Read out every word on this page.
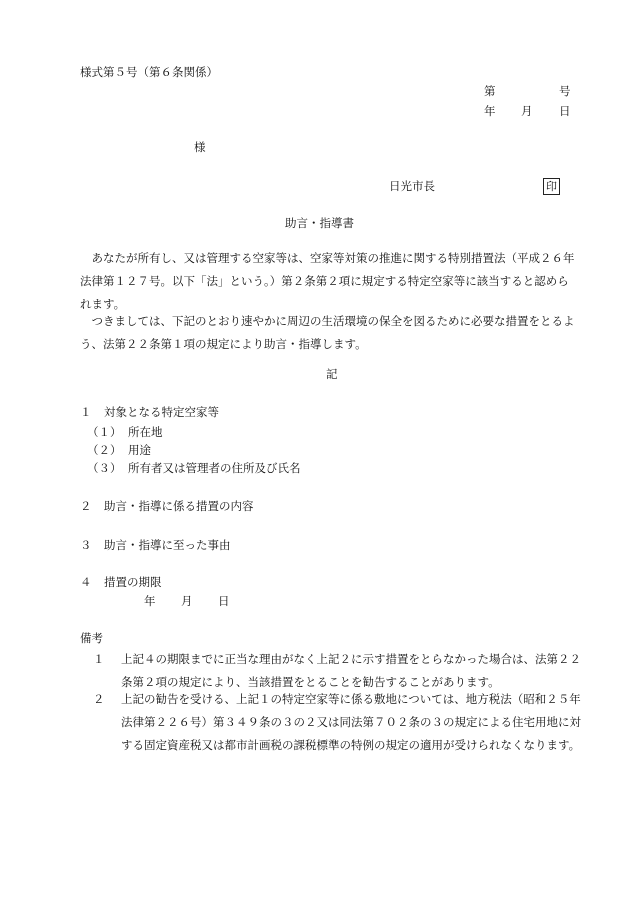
様式第５号（第６条関係）
第	号
年 月 日
様
日光市長	印
助言・指導書
　あなたが所有し、又は管理する空家等は、空家等対策の推進に関する特別措置法（平成２６年法律第１２７号。以下「法」という。）第２条第２項に規定する特定空家等に該当すると認められます。
　つきましては、下記のとおり速やかに周辺の生活環境の保全を図るために必要な措置をとるよう、法第２２条第１項の規定により助言・指導します。
記
１ 対象となる特定空家等
（１） 所在地
（２） 用途
（３） 所有者又は管理者の住所及び氏名
２ 助言・指導に係る措置の内容
３ 助言・指導に至った事由
４ 措置の期限
年 月 日
備考
１	上記４の期限までに正当な理由がなく上記２に示す措置をとらなかった場合は、法第２２条第２項の規定により、当該措置をとることを勧告することがあります。
２	上記の勧告を受ける、上記１の特定空家等に係る敷地については、地方税法（昭和２５年法律第２２６号）第３４９条の３の２又は同法第７０２条の３の規定による住宅用地に対する固定資産税又は都市計画税の課税標準の特例の規定の適用が受けられなくなります。
